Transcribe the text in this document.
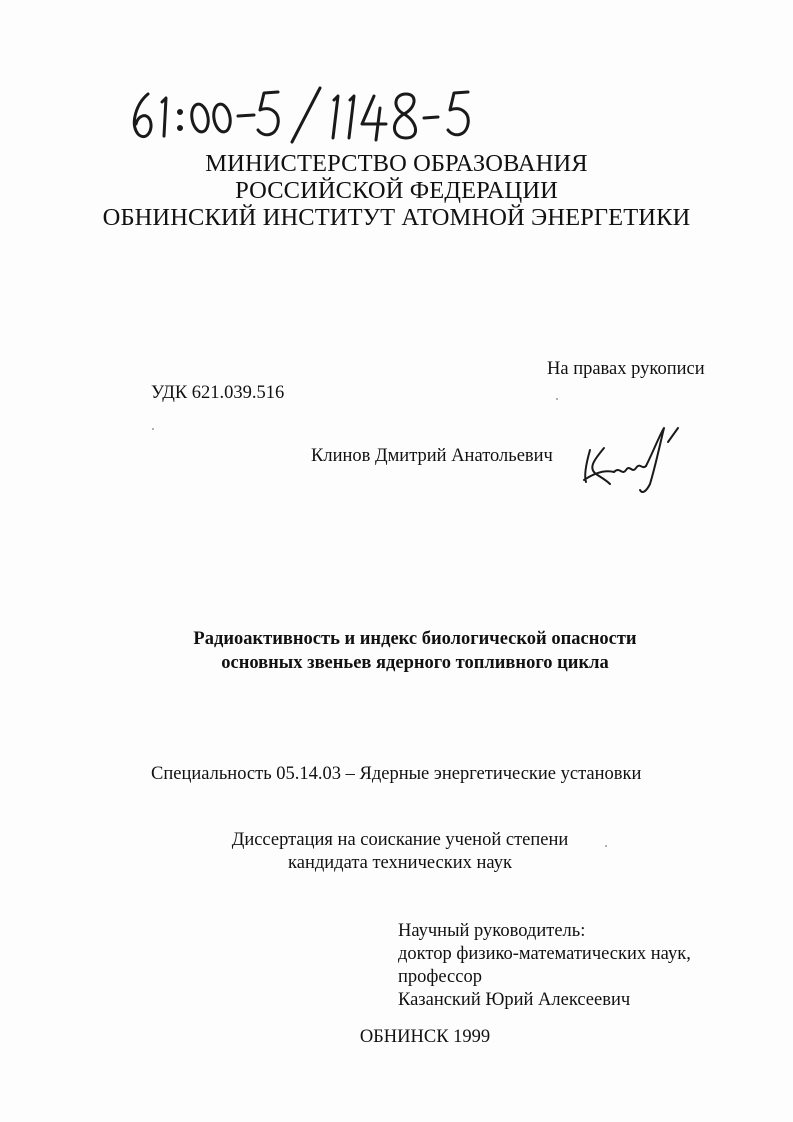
МИНИСТЕРСТВО ОБРАЗОВАНИЯ
РОССИЙСКОЙ ФЕДЕРАЦИИ
ОБНИНСКИЙ ИНСТИТУТ АТОМНОЙ ЭНЕРГЕТИКИ
На правах рукописи
УДК 621.039.516
Клинов Дмитрий Анатольевич
Радиоактивность и индекс биологической опасности
основных звеньев ядерного топливного цикла
Специальность 05.14.03 – Ядерные энергетические установки
Диссертация на соискание ученой степени
кандидата технических наук
Научный руководитель:
доктор физико-математических наук,
профессор
Казанский Юрий Алексеевич
ОБНИНСК 1999
